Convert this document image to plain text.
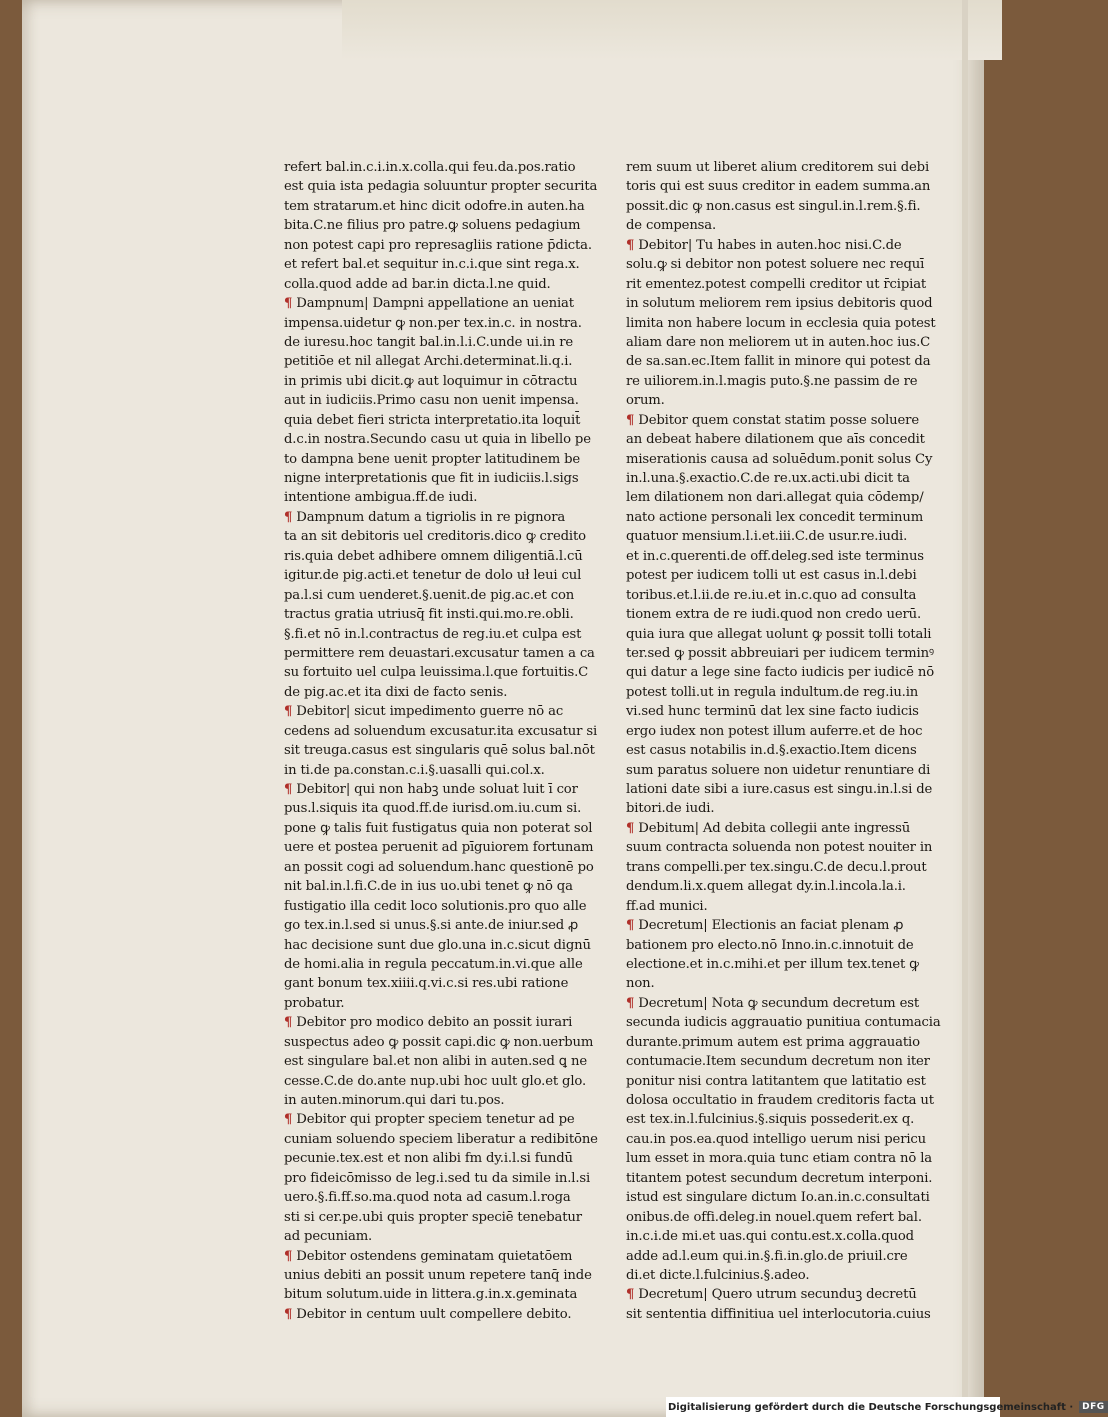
refert bal.in.c.i.in.x.colla.qui feu.da.pos.ratio
est quia ista pedagia soluuntur propter securita
tem stratarum.et hinc dicit odofre.in auten.ha
bita.C.ne filius pro patre.ꝙ soluens pedagium
non potest capi pro represagliis ratione p̄dicta.
et refert bal.et sequitur in.c.i.que sint rega.x.
colla.quod adde ad bar.in dicta.l.ne quid.
¶ Dampnum| Dampni appellatione an ueniat
impensa.uidetur ꝙ non.per tex.in.c. in nostra.
de iuresu.hoc tangit bal.in.l.i.C.unde ui.in re
petitiōe et nil allegat Archi.determinat.li.q.i.
in primis ubi dicit.ꝙ aut loquimur in cōtractu
aut in iudiciis.Primo casu non uenit impensa.
quia debet fieri stricta interpretatio.ita loquit̄
d.c.in nostra.Secundo casu ut quia in libello pe
to dampna bene uenit propter latitudinem be
nigne interpretationis que fit in iudiciis.l.sigs
intentione ambigua.ff.de iudi.
¶ Dampnum datum a tigriolis in re pignora
ta an sit debitoris uel creditoris.dico ꝙ credito
ris.quia debet adhibere omnem diligentiā.l.cū
igitur.de pig.acti.et tenetur de dolo uł leui cul
pa.l.si cum uenderet.§.uenit.de pig.ac.et con
tractus gratia utriusq̄ fit insti.qui.mo.re.obli.
§.fi.et nō in.l.contractus de reg.iu.et culpa est
permittere rem deuastari.excusatur tamen a ca
su fortuito uel culpa leuissima.l.que fortuitis.C
de pig.ac.et ita dixi de facto senis.
¶ Debitor| sicut impedimento guerre nō ac
cedens ad soluendum excusatur.ita excusatur si
sit treuga.casus est singularis quē solus bal.nōt
in ti.de pa.constan.c.i.§.uasalli qui.col.x.
¶ Debitor| qui non habꝫ unde soluat luit ī cor
pus.l.siquis ita quod.ff.de iurisd.om.iu.cum si.
pone ꝙ talis fuit fustigatus quia non poterat sol
uere et postea peruenit ad pīguiorem fortunam
an possit cogi ad soluendum.hanc questionē po
nit bal.in.l.fi.C.de in ius uo.ubi tenet ꝙ nō qa
fustigatio illa cedit loco solutionis.pro quo alle
go tex.in.l.sed si unus.§.si ante.de iniur.sed ꝓ
hac decisione sunt due glo.una in.c.sicut dignū
de homi.alia in regula peccatum.in.vi.que alle
gant bonum tex.xiiii.q.vi.c.si res.ubi ratione
probatur.
¶ Debitor pro modico debito an possit iurari
suspectus adeo ꝙ possit capi.dic ꝙ non.uerbum
est singulare bal.et non alibi in auten.sed ꝗ ne
cesse.C.de do.ante nup.ubi hoc uult glo.et glo.
in auten.minorum.qui dari tu.pos.
¶ Debitor qui propter speciem tenetur ad pe
cuniam soluendo speciem liberatur a redibitōne
pecunie.tex.est et non alibi fm dy.i.l.si fundū
pro fideicōmisso de leg.i.sed tu da simile in.l.si
uero.§.fi.ff.so.ma.quod nota ad casum.l.roga
sti si cer.pe.ubi quis propter speciē tenebatur
ad pecuniam.
¶ Debitor ostendens geminatam quietatōem
unius debiti an possit unum repetere tanq̄ inde
bitum solutum.uide in littera.g.in.x.geminata
¶ Debitor in centum uult compellere debito.
rem suum ut liberet alium creditorem sui debi
toris qui est suus creditor in eadem summa.an
possit.dic ꝙ non.casus est singul.in.l.rem.§.fi.
de compensa.
¶ Debitor| Tu habes in auten.hoc nisi.C.de
solu.ꝙ si debitor non potest soluere nec requī
rit ementez.potest compelli creditor ut r̄cipiat
in solutum meliorem rem ipsius debitoris quod
limita non habere locum in ecclesia quia potest
aliam dare non meliorem ut in auten.hoc ius.C
de sa.san.ec.Item fallit in minore qui potest da
re uiliorem.in.l.magis puto.§.ne passim de re
orum.
¶ Debitor quem constat statim posse soluere
an debeat habere dilationem que aīs concedit
miserationis causa ad soluēdum.ponit solus Cy
in.l.una.§.exactio.C.de re.ux.acti.ubi dicit ta
lem dilationem non dari.allegat quia cōdemp/
nato actione personali lex concedit terminum
quatuor mensium.l.i.et.iii.C.de usur.re.iudi.
et in.c.querenti.de off.deleg.sed iste terminus
potest per iudicem tolli ut est casus in.l.debi
toribus.et.l.ii.de re.iu.et in.c.quo ad consulta
tionem extra de re iudi.quod non credo uerū.
quia iura que allegat uolunt ꝙ possit tolli totali
ter.sed ꝙ possit abbreuiari per iudicem terminꝰ
qui datur a lege sine facto iudicis per iudicē nō
potest tolli.ut in regula indultum.de reg.iu.in
vi.sed hunc terminū dat lex sine facto iudicis
ergo iudex non potest illum auferre.et de hoc
est casus notabilis in.d.§.exactio.Item dicens
sum paratus soluere non uidetur renuntiare di
lationi date sibi a iure.casus est singu.in.l.si de
bitori.de iudi.
¶ Debitum| Ad debita collegii ante ingressū
suum contracta soluenda non potest nouiter in
trans compelli.per tex.singu.C.de decu.l.prout
dendum.li.x.quem allegat dy.in.l.incola.la.i.
ff.ad munici.
¶ Decretum| Electionis an faciat plenam ꝓ
bationem pro electo.nō Inno.in.c.innotuit de
electione.et in.c.mihi.et per illum tex.tenet ꝙ
non.
¶ Decretum| Nota ꝙ secundum decretum est
secunda iudicis aggrauatio punitiua contumacia
durante.primum autem est prima aggrauatio
contumacie.Item secundum decretum non iter
ponitur nisi contra latitantem que latitatio est
dolosa occultatio in fraudem creditoris facta ut
est tex.in.l.fulcinius.§.siquis possederit.ex q.
cau.in pos.ea.quod intelligo uerum nisi pericu
lum esset in mora.quia tunc etiam contra nō la
titantem potest secundum decretum interponi.
istud est singulare dictum Io.an.in.c.consultati
onibus.de offi.deleg.in nouel.quem refert bal.
in.c.i.de mi.et uas.qui contu.est.x.colla.quod
adde ad.l.eum qui.in.§.fi.in.glo.de priuil.cre
di.et dicte.l.fulcinius.§.adeo.
¶ Decretum| Quero utrum secunduꝫ decretū
sit sententia diffinitiua uel interlocutoria.cuius
Digitalisierung gefördert durch die Deutsche Forschungsgemeinschaft ·	DFG
